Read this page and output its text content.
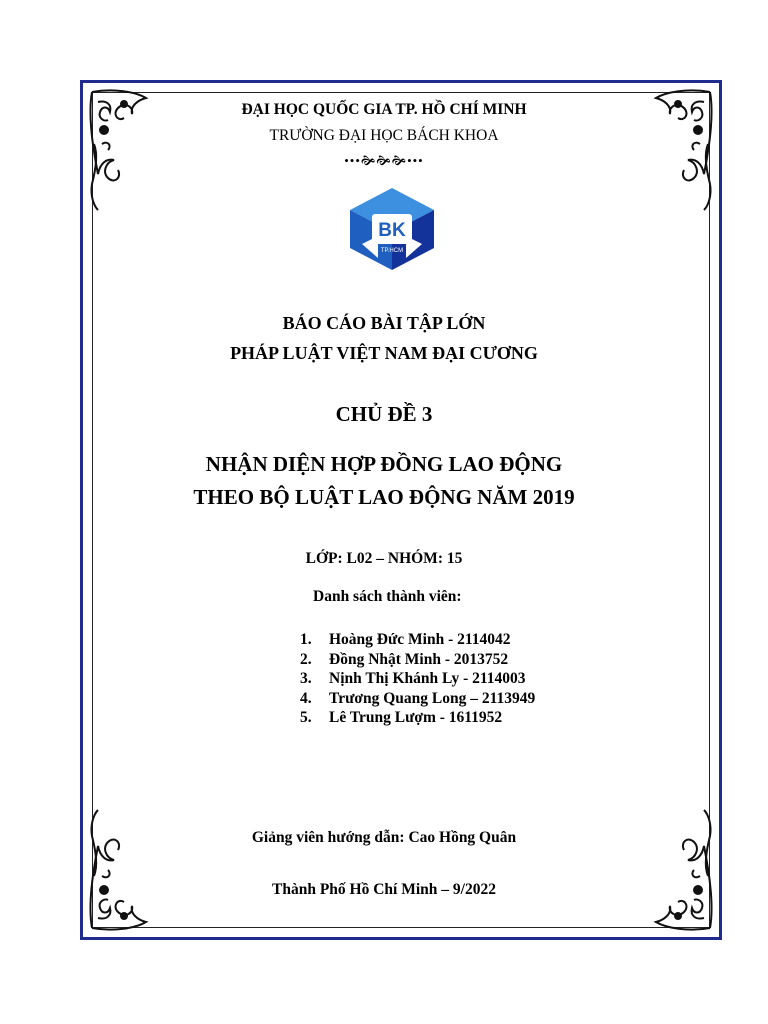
ĐẠI HỌC QUỐC GIA TP. HỒ CHÍ MINH
TRƯỜNG ĐẠI HỌC BÁCH KHOA
•••🙞🙞🙞•••
BK
TP.HCM
BÁO CÁO BÀI TẬP LỚN
PHÁP LUẬT VIỆT NAM ĐẠI CƯƠNG
CHỦ ĐỀ 3
NHẬN DIỆN HỢP ĐỒNG LAO ĐỘNG
THEO BỘ LUẬT LAO ĐỘNG NĂM 2019
LỚP: L02 – NHÓM: 15
Danh sách thành viên:
1. Hoàng Đức Minh - 2114042
2. Đồng Nhật Minh - 2013752
3. Nịnh Thị Khánh Ly - 2114003
4. Trương Quang Long – 2113949
5. Lê Trung Lượm - 1611952
Giảng viên hướng dẫn: Cao Hồng Quân
Thành Phố Hồ Chí Minh – 9/2022
